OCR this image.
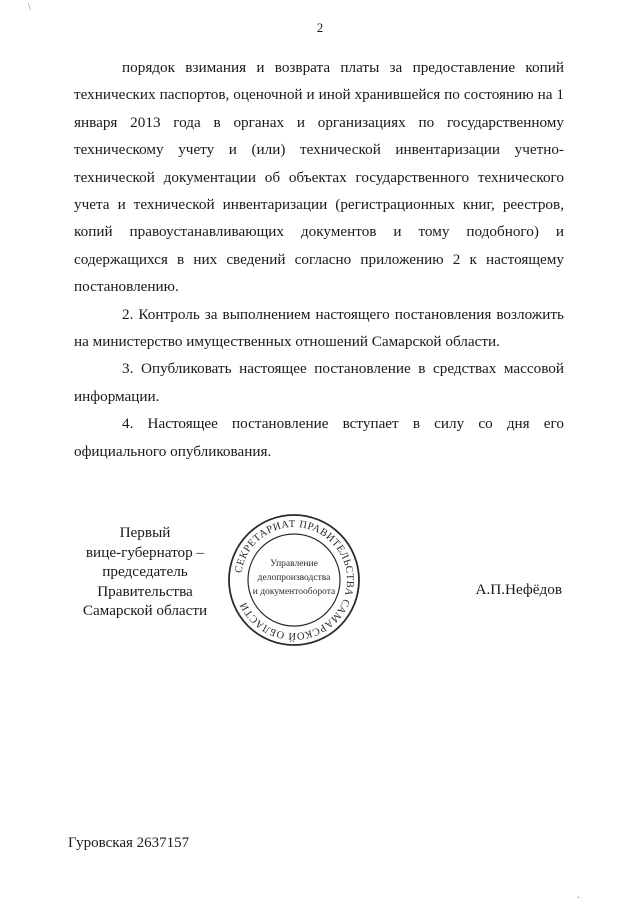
\
2

порядок взимания и возврата платы за предоставление копий технических паспортов, оценочной и иной хранившейся по состоянию на 1 января 2013 года в органах и организациях по государственному техническому учету и (или) технической инвентаризации учетно-технической документации об объектах государственного технического учета и технической инвентаризации (регистрационных книг, реестров, копий правоустанавливающих документов и тому подобного) и содержащихся в них сведений согласно приложению 2 к настоящему постановлению.

2. Контроль за выполнением настоящего постановления возложить на министерство имущественных отношений Самарской области.

3. Опубликовать настоящее постановление в средствах массовой информации.

4. Настоящее постановление вступает в силу со дня его официального опубликования.

Первый
вице-губернатор –
председатель Правительства
Самарской области
СЕКРЕТАРИАТ ПРАВИТЕЛЬСТВА САМАРСКОЙ ОБЛАСТИ
Управление
делопроизводства
и документооборота	А.П.Нефёдов
Гуровская 2637157
·
